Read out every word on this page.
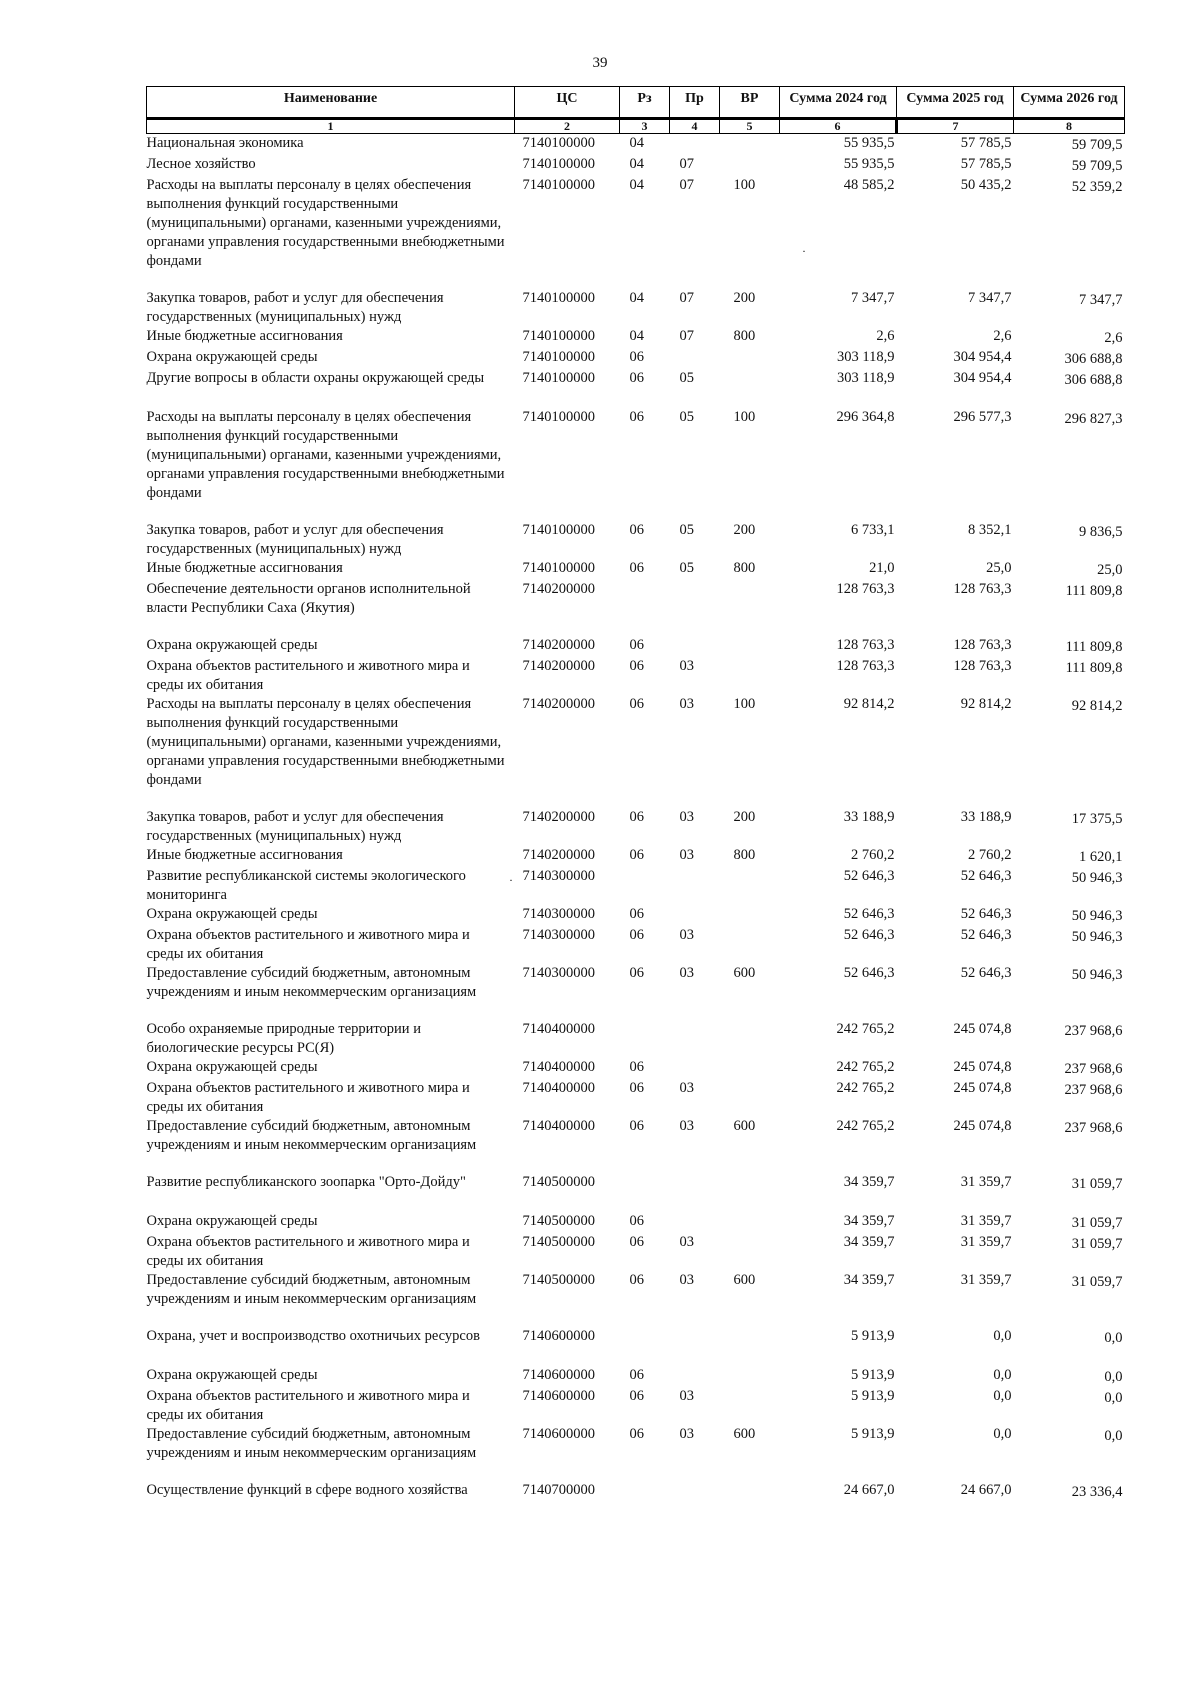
39
Наименование	ЦС	Рз	Пр	ВР	Сумма 2024 год	Сумма 2025 год	Сумма 2026 год
1	2	3	4	5	6	7	8
Национальная экономика	7140100000	04			55 935,5	57 785,5	59 709,5
Лесное хозяйство	7140100000	04	07		55 935,5	57 785,5	59 709,5
Расходы на выплаты персоналу в целях обеспечения выполнения функций государственными (муниципальными) органами, казенными учреждениями, органами управления государственными внебюджетными фондами	7140100000	04	07	100	48 585,2	50 435,2	52 359,2

Закупка товаров, работ и услуг для обеспечения государственных (муниципальных) нужд	7140100000	04	07	200	7 347,7	7 347,7	7 347,7
Иные бюджетные ассигнования	7140100000	04	07	800	2,6	2,6	2,6
Охрана окружающей среды	7140100000	06			303 118,9	304 954,4	306 688,8
Другие вопросы в области охраны окружающей среды	7140100000	06	05		303 118,9	304 954,4	306 688,8

Расходы на выплаты персоналу в целях обеспечения выполнения функций государственными (муниципальными) органами, казенными учреждениями, органами управления государственными внебюджетными фондами	7140100000	06	05	100	296 364,8	296 577,3	296 827,3

Закупка товаров, работ и услуг для обеспечения государственных (муниципальных) нужд	7140100000	06	05	200	6 733,1	8 352,1	9 836,5
Иные бюджетные ассигнования	7140100000	06	05	800	21,0	25,0	25,0
Обеспечение деятельности органов исполнительной власти Республики Саха (Якутия)	7140200000				128 763,3	128 763,3	111 809,8

Охрана окружающей среды	7140200000	06			128 763,3	128 763,3	111 809,8
Охрана объектов растительного и животного мира и среды их обитания	7140200000	06	03		128 763,3	128 763,3	111 809,8
Расходы на выплаты персоналу в целях обеспечения выполнения функций государственными (муниципальными) органами, казенными учреждениями, органами управления государственными внебюджетными фондами	7140200000	06	03	100	92 814,2	92 814,2	92 814,2

Закупка товаров, работ и услуг для обеспечения государственных (муниципальных) нужд	7140200000	06	03	200	33 188,9	33 188,9	17 375,5
Иные бюджетные ассигнования	7140200000	06	03	800	2 760,2	2 760,2	1 620,1
Развитие республиканской системы экологического мониторинга	7140300000				52 646,3	52 646,3	50 946,3
Охрана окружающей среды	7140300000	06			52 646,3	52 646,3	50 946,3
Охрана объектов растительного и животного мира и среды их обитания	7140300000	06	03		52 646,3	52 646,3	50 946,3
Предоставление субсидий бюджетным, автономным учреждениям и иным некоммерческим организациям	7140300000	06	03	600	52 646,3	52 646,3	50 946,3

Особо охраняемые природные территории и биологические ресурсы РС(Я)	7140400000				242 765,2	245 074,8	237 968,6
Охрана окружающей среды	7140400000	06			242 765,2	245 074,8	237 968,6
Охрана объектов растительного и животного мира и среды их обитания	7140400000	06	03		242 765,2	245 074,8	237 968,6
Предоставление субсидий бюджетным, автономным учреждениям и иным некоммерческим организациям	7140400000	06	03	600	242 765,2	245 074,8	237 968,6

Развитие республиканского зоопарка "Орто-Дойду"	7140500000				34 359,7	31 359,7	31 059,7

Охрана окружающей среды	7140500000	06			34 359,7	31 359,7	31 059,7
Охрана объектов растительного и животного мира и среды их обитания	7140500000	06	03		34 359,7	31 359,7	31 059,7
Предоставление субсидий бюджетным, автономным учреждениям и иным некоммерческим организациям	7140500000	06	03	600	34 359,7	31 359,7	31 059,7

Охрана, учет и воспроизводство охотничьих ресурсов	7140600000				5 913,9	0,0	0,0

Охрана окружающей среды	7140600000	06			5 913,9	0,0	0,0
Охрана объектов растительного и животного мира и среды их обитания	7140600000	06	03		5 913,9	0,0	0,0
Предоставление субсидий бюджетным, автономным учреждениям и иным некоммерческим организациям	7140600000	06	03	600	5 913,9	0,0	0,0

Осуществление функций в сфере водного хозяйства	7140700000				24 667,0	24 667,0	23 336,4
·
·
